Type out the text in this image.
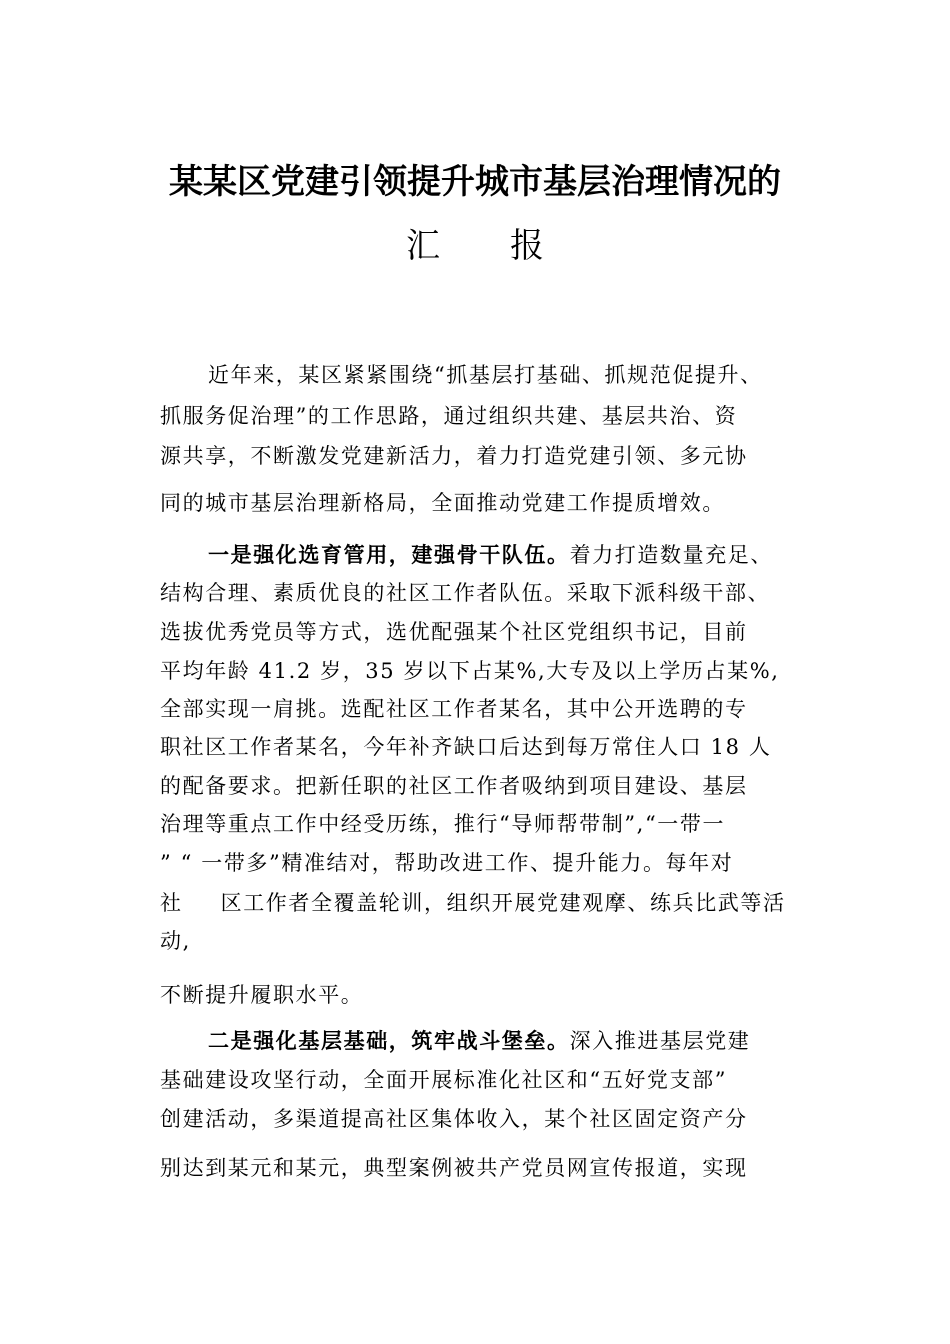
某某区党建引领提升城市基层治理情况的
汇 报
近年来，某区紧紧围绕“抓基层打基础、抓规范促提升、
抓服务促治理”的工作思路，通过组织共建、基层共治、资
源共享，不断激发党建新活力，着力打造党建引领、多元协
同的城市基层治理新格局，全面推动党建工作提质增效。
一是强化选育管用，建强骨干队伍。着力打造数量充足、
结构合理、素质优良的社区工作者队伍。采取下派科级干部、
选拔优秀党员等方式，选优配强某个社区党组织书记，目前
平均年龄 41.2 岁，35 岁以下占某%,大专及以上学历占某%,
全部实现一肩挑。选配社区工作者某名，其中公开选聘的专
职社区工作者某名，今年补齐缺口后达到每万常住人口 18 人
的配备要求。把新任职的社区工作者吸纳到项目建设、基层
治理等重点工作中经受历练，推行“导师帮带制”,“一带一
” “ 一带多”精准结对，帮助改进工作、提升能力。每年对
社 区工作者全覆盖轮训，组织开展党建观摩、练兵比武等活
动,
不断提升履职水平。
二是强化基层基础，筑牢战斗堡垒。深入推进基层党建
基础建设攻坚行动，全面开展标准化社区和“五好党支部”
创建活动，多渠道提高社区集体收入，某个社区固定资产分
别达到某元和某元，典型案例被共产党员网宣传报道，实现
